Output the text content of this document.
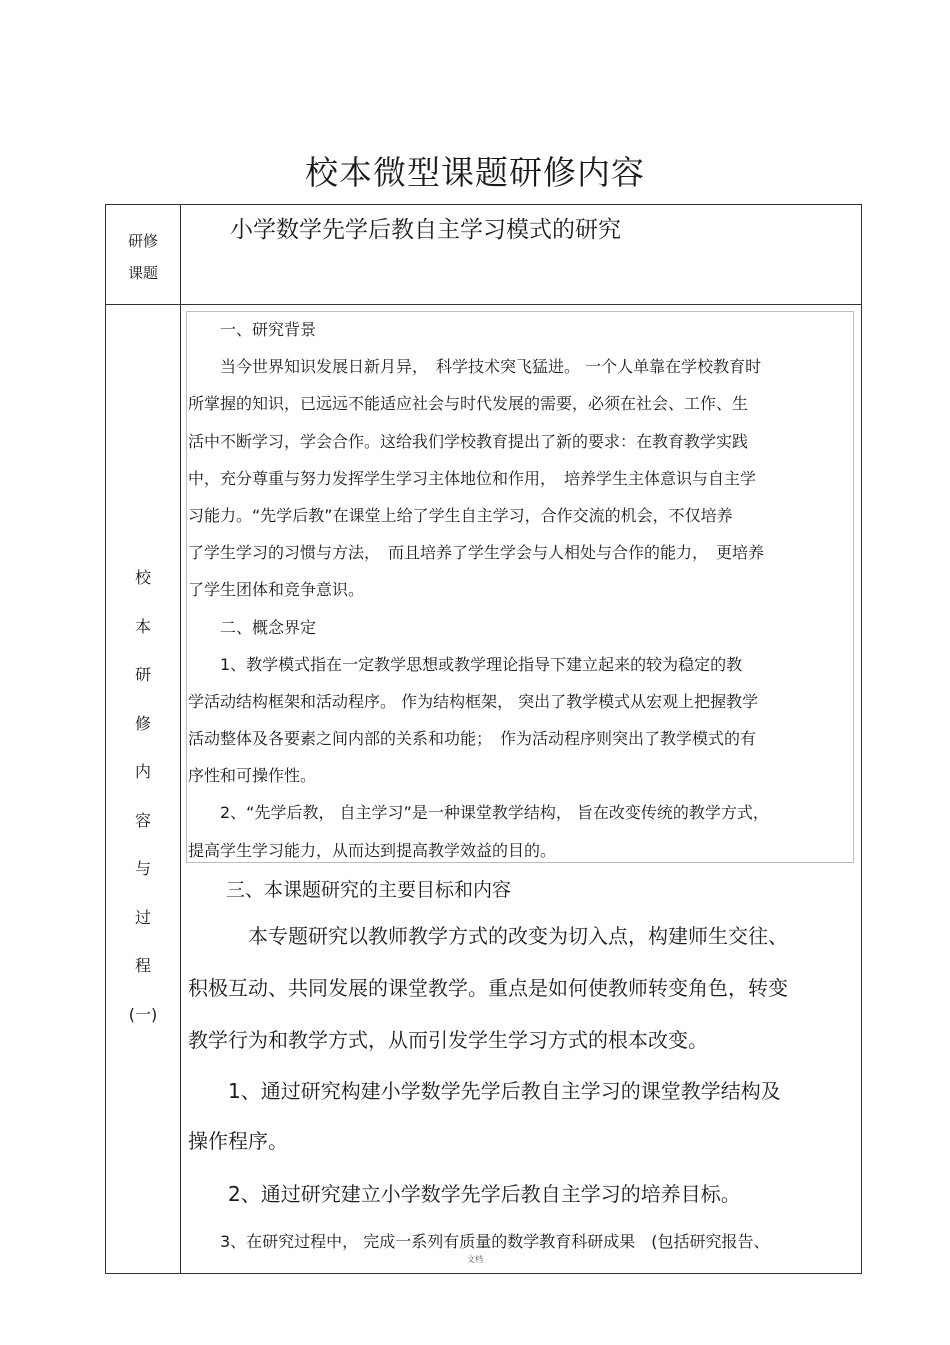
校本微型课题研修内容
研修
课题
小学数学先学后教自主学习模式的研究
校
本
研
修
内
容
与
过
程
(一)
　　一、研究背景
　　当今世界知识发展日新月异，　科学技术突飞猛进。 一个人单靠在学校教育时
所掌握的知识，已远远不能适应社会与时代发展的需要，必须在社会、工作、生
活中不断学习，学会合作。这给我们学校教育提出了新的要求：在教育教学实践
中，充分尊重与努力发挥学生学习主体地位和作用，　培养学生主体意识与自主学
习能力。“先学后教”在课堂上给了学生自主学习，合作交流的机会，不仅培养
了学生学习的习惯与方法，　而且培养了学生学会与人相处与合作的能力，　更培养
了学生团体和竞争意识。
　　二、概念界定
　　1、教学模式指在一定教学思想或教学理论指导下建立起来的较为稳定的教
学活动结构框架和活动程序。 作为结构框架， 突出了教学模式从宏观上把握教学
活动整体及各要素之间内部的关系和功能；　作为活动程序则突出了教学模式的有
序性和可操作性。
　　2、“先学后教， 自主学习”是一种课堂教学结构， 旨在改变传统的教学方式，
提高学生学习能力，从而达到提高教学效益的目的。
　　三、本课题研究的主要目标和内容
　　　本专题研究以教师教学方式的改变为切入点，构建师生交往、
积极互动、共同发展的课堂教学。重点是如何使教师转变角色，转变
教学行为和教学方式，从而引发学生学习方式的根本改变。
　　1、通过研究构建小学数学先学后教自主学习的课堂教学结构及
操作程序。
　　2、通过研究建立小学数学先学后教自主学习的培养目标。
　　3、在研究过程中， 完成一系列有质量的数学教育科研成果　(包括研究报告、
文档
